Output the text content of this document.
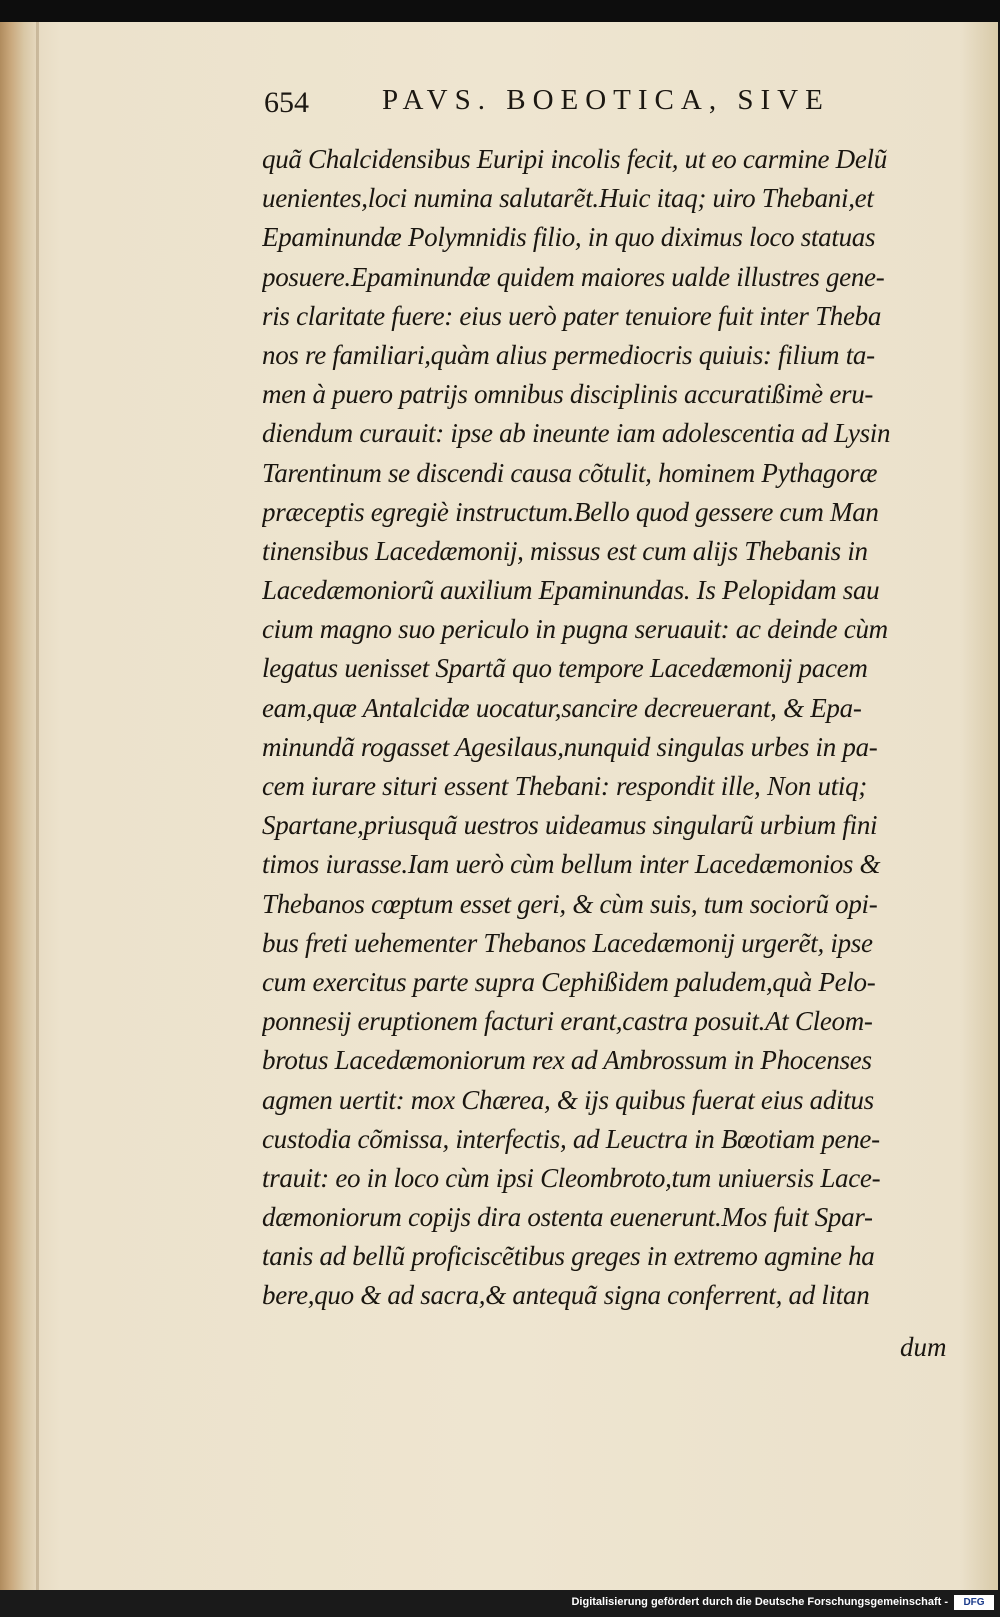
654	PAVS. BOEOTICA, SIVE
quã Chalcidensibus Euripi incolis fecit, ut eo carmine Delũ
uenientes,loci numina salutarẽt.Huic itaq; uiro Thebani,et
Epaminundæ Polymnidis filio, in quo diximus loco statuas
posuere.Epaminundæ quidem maiores ualde illustres gene-
ris claritate fuere: eius uerò pater tenuiore fuit inter Theba
nos re familiari,quàm alius permediocris quiuis: filium ta-
men à puero patrijs omnibus disciplinis accuratißimè eru-
diendum curauit: ipse ab ineunte iam adolescentia ad Lysin
Tarentinum se discendi causa cõtulit, hominem Pythagoræ
præceptis egregiè instructum.Bello quod gessere cum Man
tinensibus Lacedæmonij, missus est cum alijs Thebanis in
Lacedæmoniorũ auxilium Epaminundas. Is Pelopidam sau
cium magno suo periculo in pugna seruauit: ac deinde cùm
legatus uenisset Spartã quo tempore Lacedæmonij pacem
eam,quæ Antalcidæ uocatur,sancire decreuerant, & Epa-
minundã rogasset Agesilaus,nunquid singulas urbes in pa-
cem iurare situri essent Thebani: respondit ille, Non utiq;
Spartane,priusquã uestros uideamus singularũ urbium fini
timos iurasse.Iam uerò cùm bellum inter Lacedæmonios &
Thebanos cœptum esset geri, & cùm suis, tum sociorũ opi-
bus freti uehementer Thebanos Lacedæmonij urgerẽt, ipse
cum exercitus parte supra Cephißidem paludem,quà Pelo-
ponnesij eruptionem facturi erant,castra posuit.At Cleom-
brotus Lacedæmoniorum rex ad Ambrossum in Phocenses
agmen uertit: mox Chærea, & ijs quibus fuerat eius aditus
custodia cõmissa, interfectis, ad Leuctra in Bœotiam pene-
trauit: eo in loco cùm ipsi Cleombroto,tum uniuersis Lace-
dæmoniorum copijs dira ostenta euenerunt.Mos fuit Spar-
tanis ad bellũ proficiscẽtibus greges in extremo agmine ha
bere,quo & ad sacra,& antequã signa conferrent, ad litan
dum
Digitalisierung gefördert durch die Deutsche Forschungsgemeinschaft -	DFG
